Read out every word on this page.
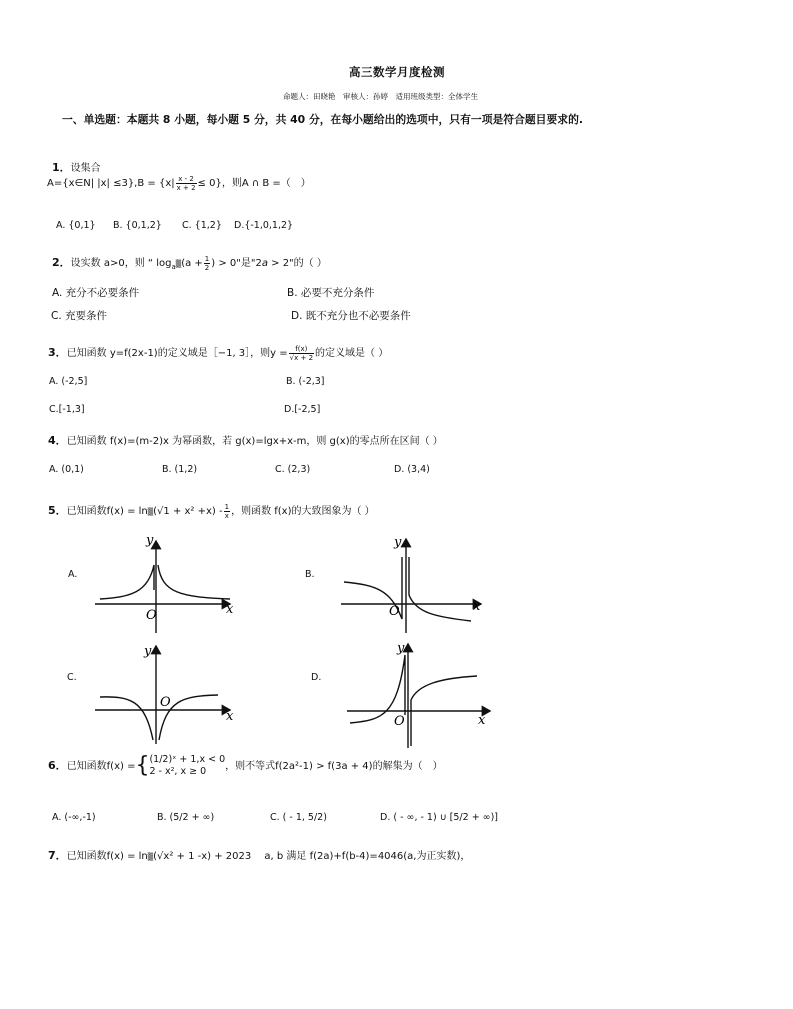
高三数学月度检测
命题人：田晓艳　审核人：孙婷　适用班级类型：全体学生
一、单选题：本题共 8 小题，每小题 5 分，共 40 分，在每小题给出的选项中，只有一项是符合题目要求的.
1．设集合
A={x∈N| $|x| \le 3\},B = \{x| \frac{x - 2}{x + 2} \le 0\}$，则A ∩ B =（　）
A. {0,1} B. {0,1,2} C. {1,2} D.{-1,0,1,2}
2．设实数 a>0，则 “ $\log_a▒(a + \frac{1}{2}$ ) > 0"是"2a > 2"的（ ）
A. 充分不必要条件	B. 必要不充分条件
C. 充要条件	D. 既不充分也不必要条件
3．已知函数 y=f(2x-1)的定义域是［−1, 3］，则$y = \frac{f(x)}{√x + 2}$ 的定义域是（ ）
A. (-2,5]	B. (-2,3]
C.[-1,3]	D.[-2,5]
4．已知函数 f(x)=(m-2)x 为幂函数，若 g(x)=lgx+x-m，则 g(x)的零点所在区间（ ）
A. (0,1)	B. (1,2)	C. (2,3)	D. (3,4)
5．已知函数f(x) = ln▒(√1 + $x^2 +x) - \frac{1}{x}$ ，则函数 f(x)的大致图象为（ ）
A.	B.
C.	D.
y
x
O
y
x
O
y
x
O
y
x
O
6．已知函数f(x) ={ (1/2)ˣ + 1,x < 0
2 - x², x ≥ 0	，则不等式f(2a²-1) > f(3a + 4)的解集为（　）
A. (-∞,-1)	B. (5/2 + ∞)	C. ( - 1, 5/2)	D. ( - ∞, - 1) ∪ [5/2 + ∞)]
7．已知函数f(x) = ln▒(√x² + 1 -x) + 2023　 a, b 满足 f(2a)+f(b-4)=4046(a,为正实数)，
